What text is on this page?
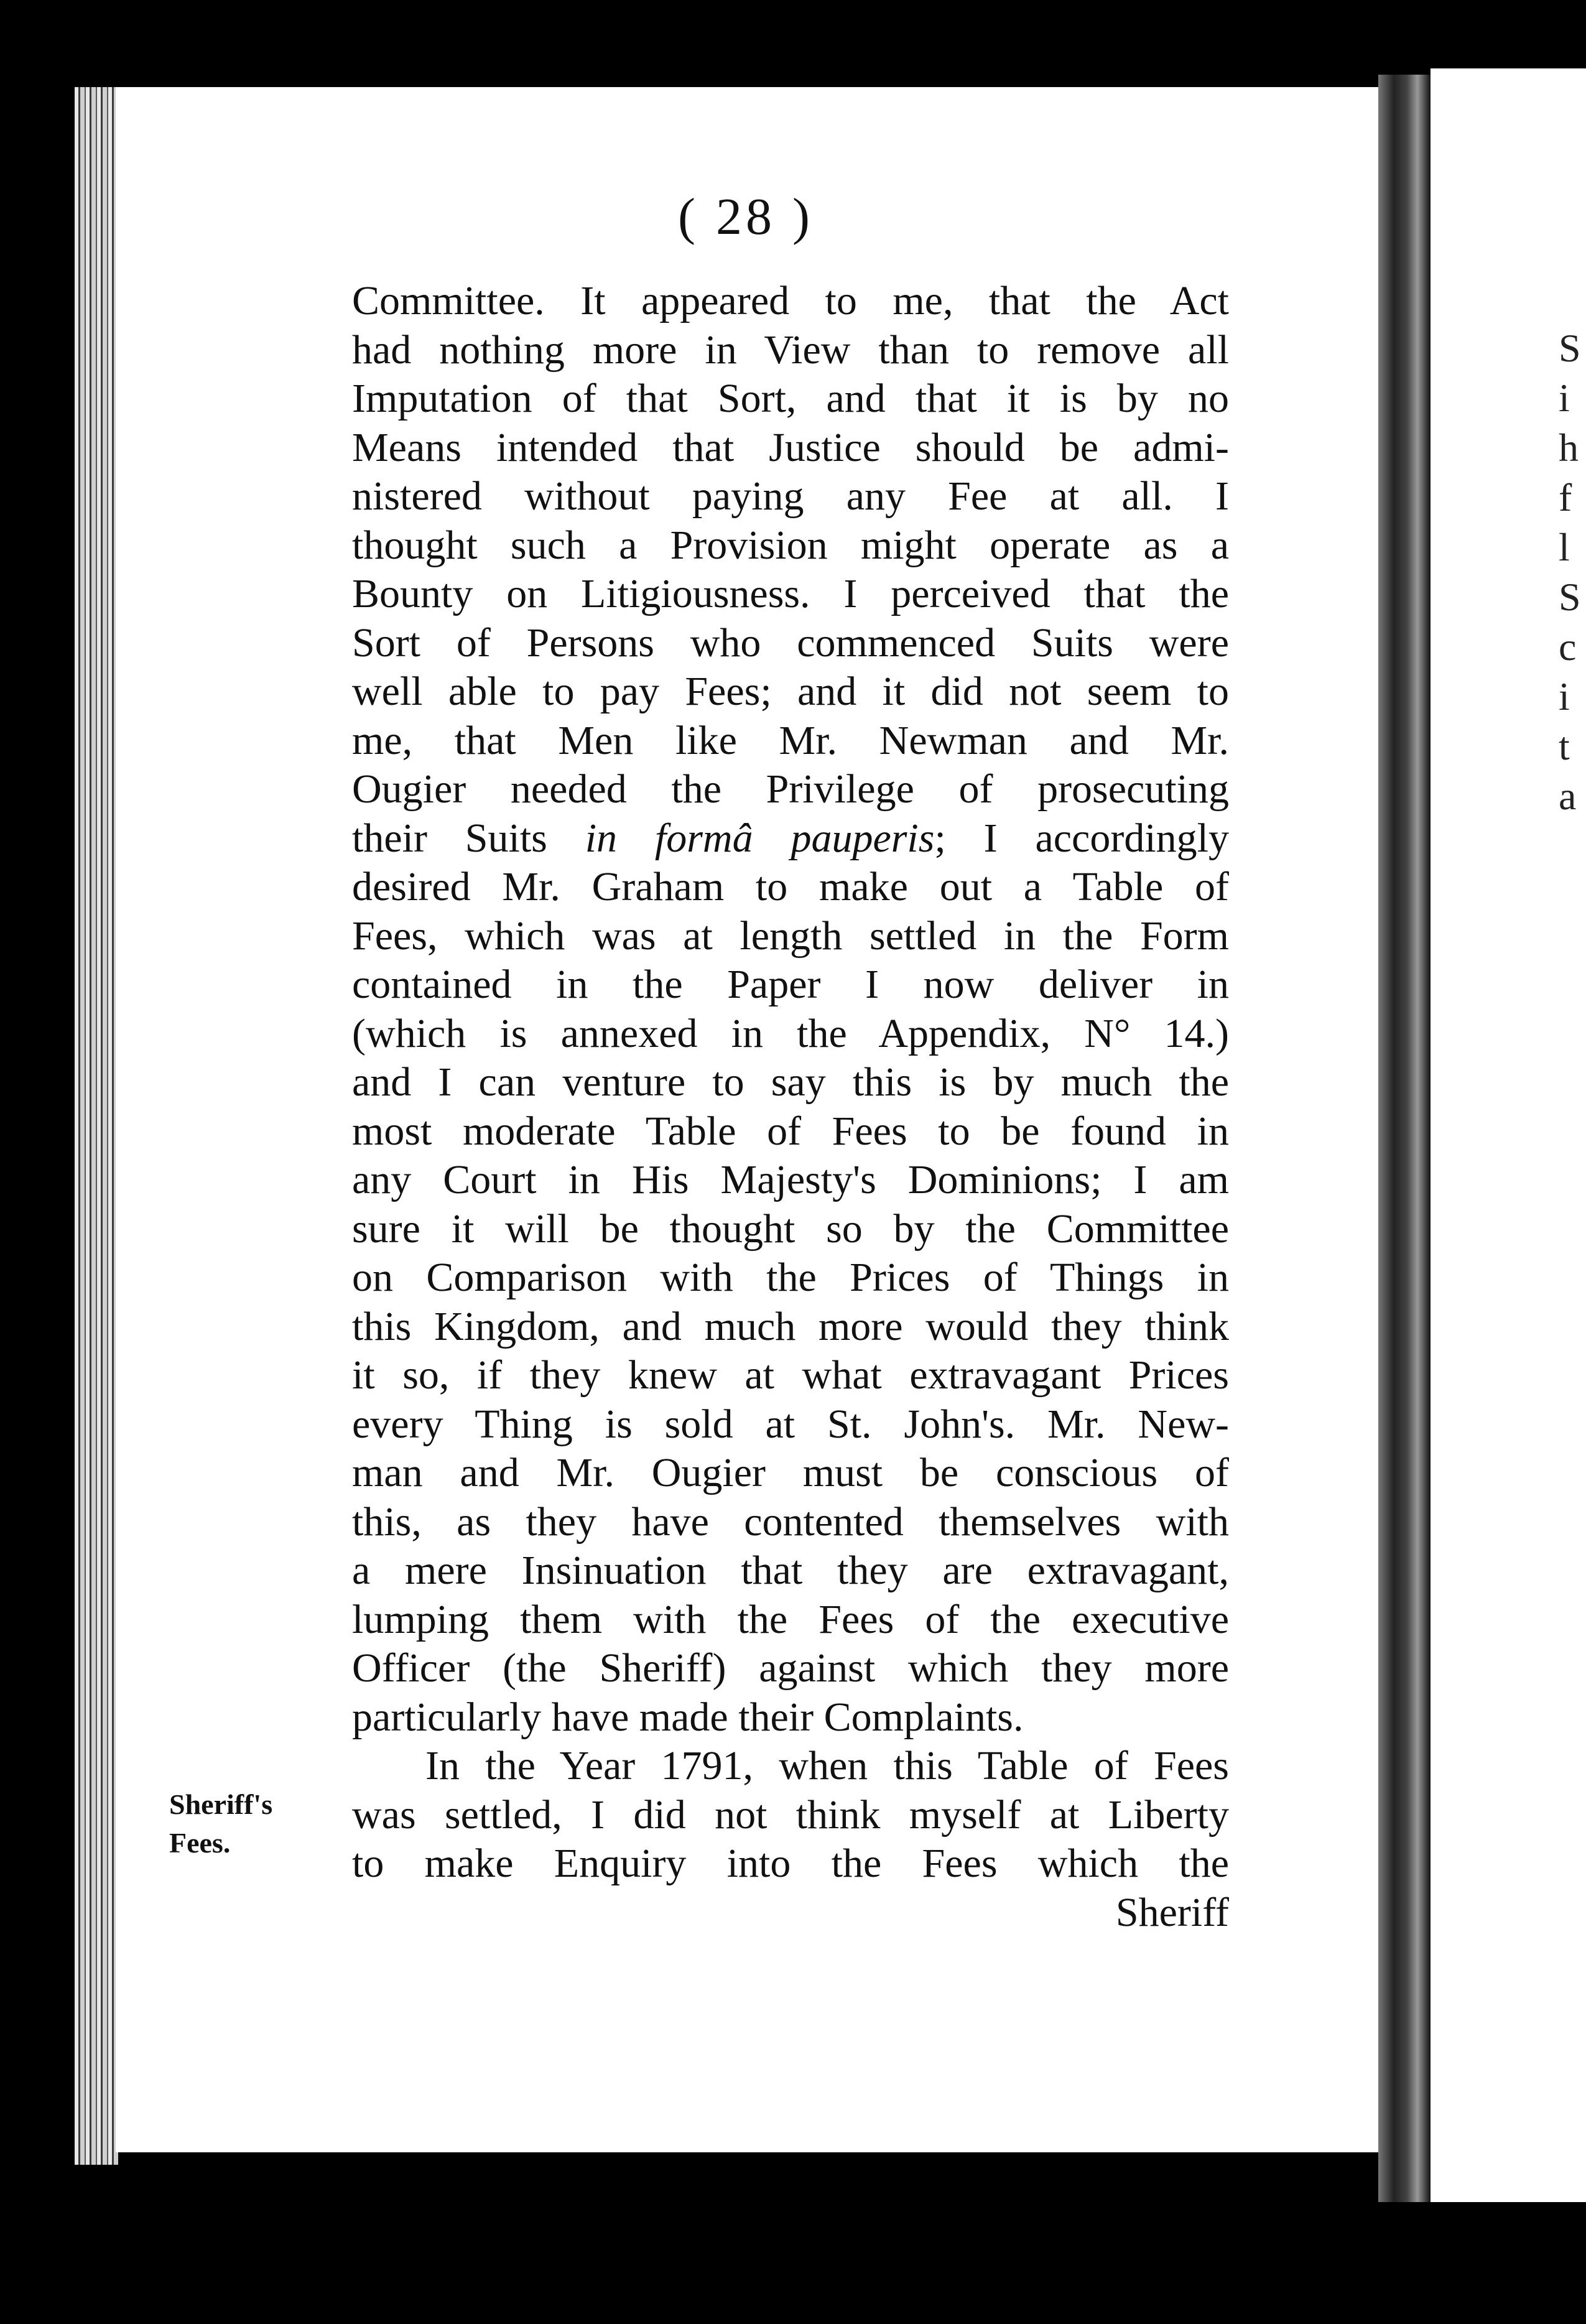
( 28 )
Committee. It appeared to me, that the Act
had nothing more in View than to remove all
Imputation of that Sort, and that it is by no
Means intended that Justice should be admi-
nistered without paying any Fee at all. I
thought such a Provision might operate as a
Bounty on Litigiousness. I perceived that the
Sort of Persons who commenced Suits were
well able to pay Fees; and it did not seem to
me, that Men like Mr. Newman and Mr.
Ougier needed the Privilege of prosecuting
their Suits in formâ pauperis; I accordingly
desired Mr. Graham to make out a Table of
Fees, which was at length settled in the Form
contained in the Paper I now deliver in
(which is annexed in the Appendix, N° 14.)
and I can venture to say this is by much the
most moderate Table of Fees to be found in
any Court in His Majesty's Dominions; I am
sure it will be thought so by the Committee
on Comparison with the Prices of Things in
this Kingdom, and much more would they think
it so, if they knew at what extravagant Prices
every Thing is sold at St. John's. Mr. New-
man and Mr. Ougier must be conscious of
this, as they have contented themselves with
a mere Insinuation that they are extravagant,
lumping them with the Fees of the executive
Officer (the Sheriff) against which they more
particularly have made their Complaints.
In the Year 1791, when this Table of Fees
was settled, I did not think myself at Liberty
to make Enquiry into the Fees which the
Sheriff
Sheriff's
Fees.
S
i
h
f
l
S
c
i
t
a
